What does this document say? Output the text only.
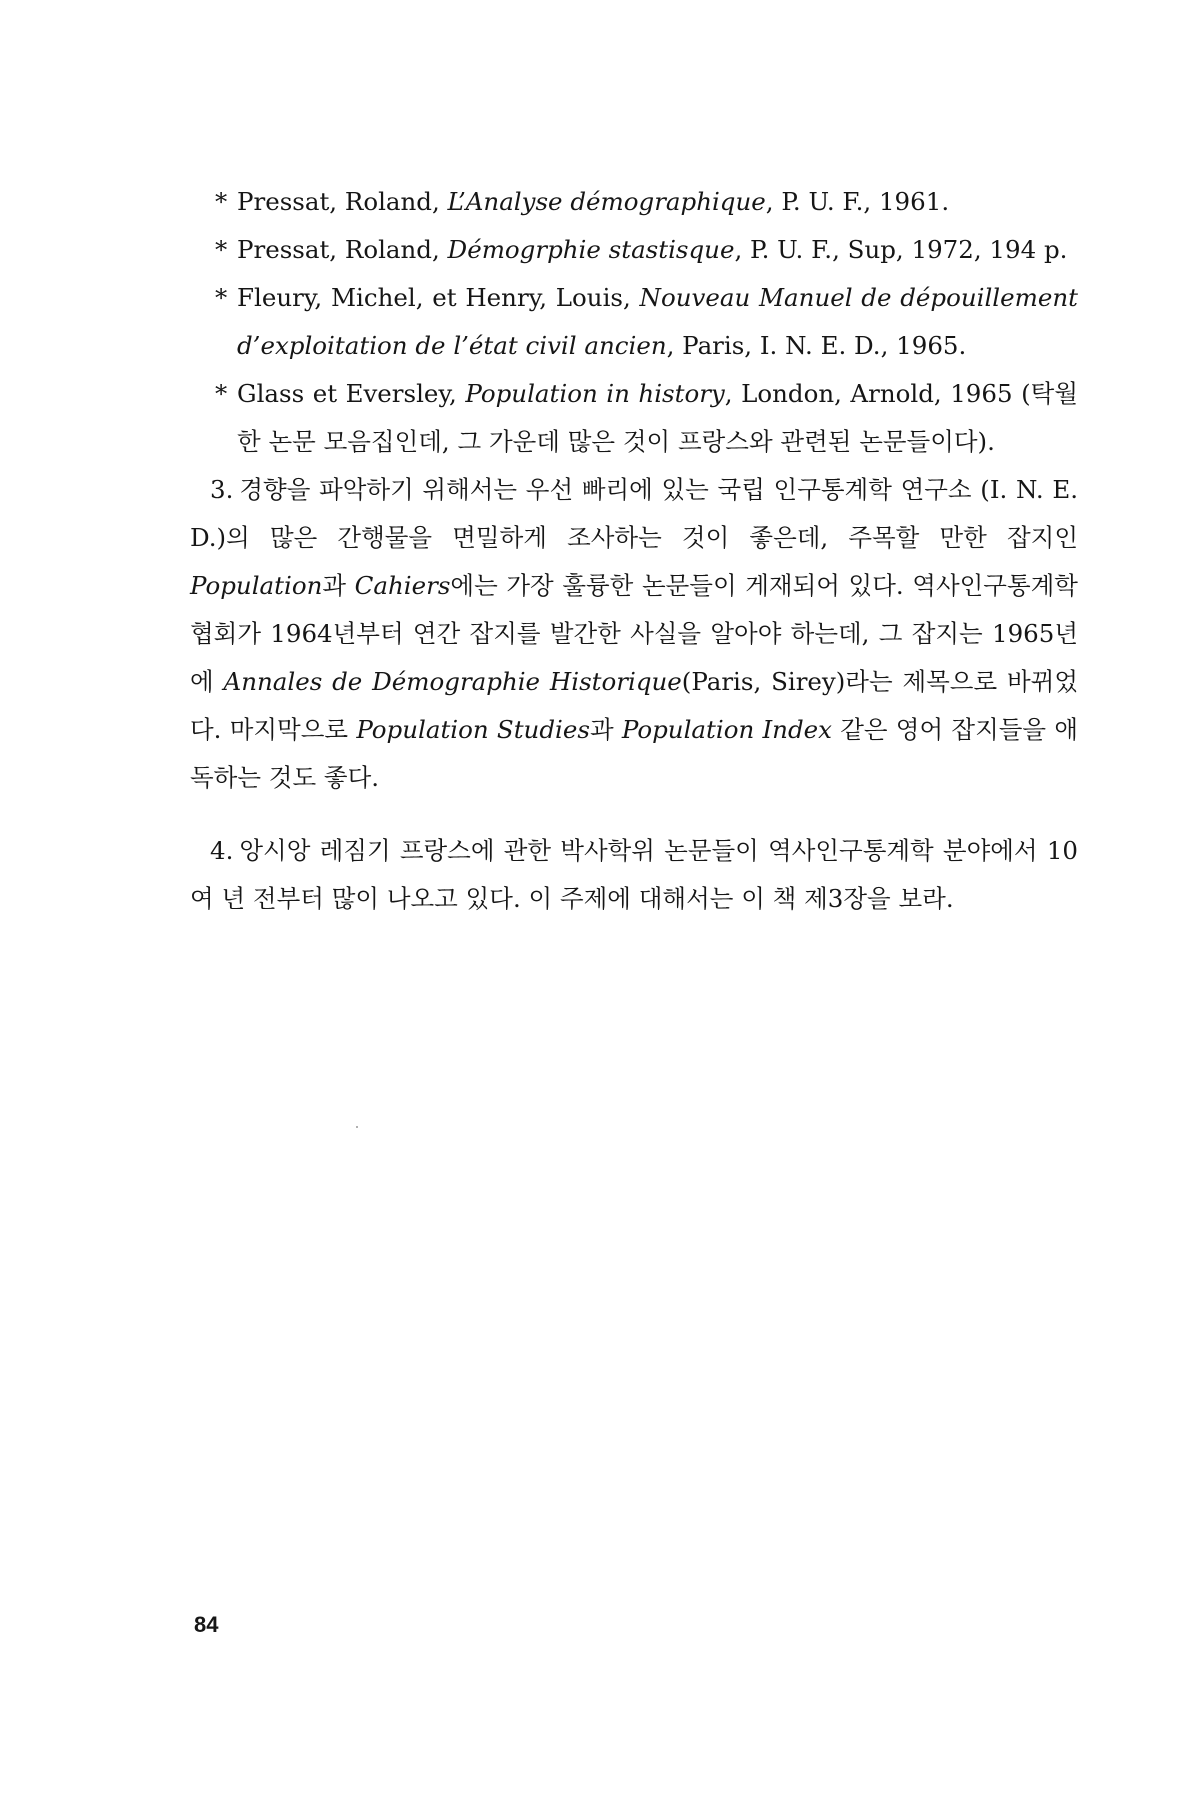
* Pressat, Roland, L’Analyse démographique, P. U. F., 1961.
* Pressat, Roland, Démogrphie stastisque, P. U. F., Sup, 1972, 194 p.
* Fleury, Michel, et Henry, Louis, Nouveau Manuel de dépouillement d’exploitation de l’état civil ancien, Paris, I. N. E. D., 1965.
* Glass et Eversley, Population in history, London, Arnold, 1965 (탁월한 논문 모음집인데, 그 가운데 많은 것이 프랑스와 관련된 논문들이다).

3. 경향을 파악하기 위해서는 우선 빠리에 있는 국립 인구통계학 연구소 (I. N. E. D.)의 많은 간행물을 면밀하게 조사하는 것이 좋은데, 주목할 만한 잡지인 Population과 Cahiers에는 가장 훌륭한 논문들이 게재되어 있다. 역사인구통계학 협회가 1964년부터 연간 잡지를 발간한 사실을 알아야 하는데, 그 잡지는 1965년에 Annales de Démographie Historique(Paris, Sirey)라는 제목으로 바뀌었다. 마지막으로 Population Studies과 Population Index 같은 영어 잡지들을 애독하는 것도 좋다.

4. 앙시앙 레짐기 프랑스에 관한 박사학위 논문들이 역사인구통계학 분야에서 10여 년 전부터 많이 나오고 있다. 이 주제에 대해서는 이 책 제3장을 보라.

84
